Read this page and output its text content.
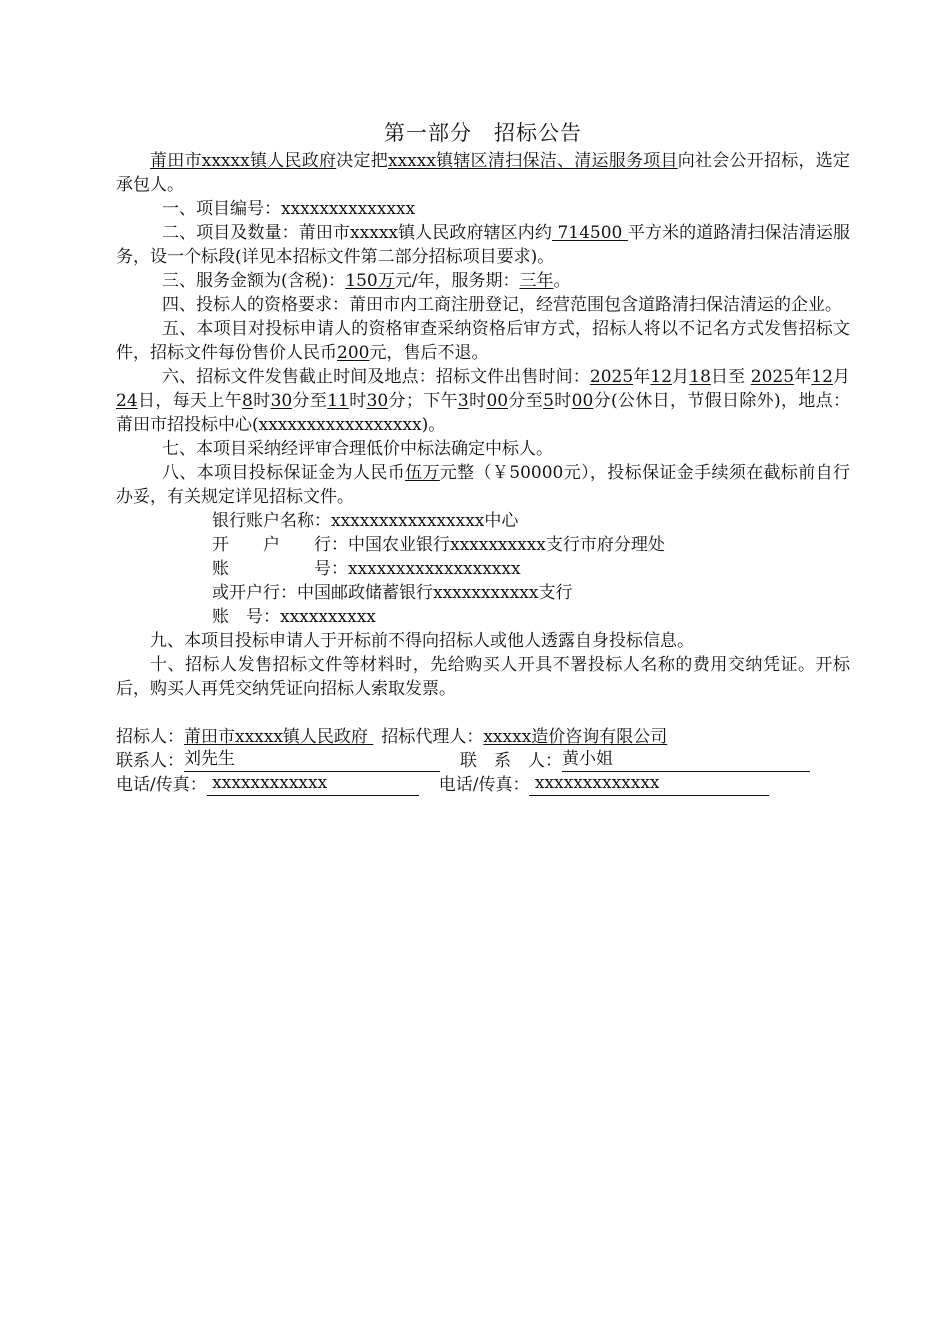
第一部分　招标公告

莆田市xxxxx镇人民政府决定把xxxxx镇辖区清扫保洁、清运服务项目向社会公开招标，选定承包人。

一、项目编号：xxxxxxxxxxxxxx

二、项目及数量：莆田市xxxxx镇人民政府辖区内约 714500 平方米的道路清扫保洁清运服务，设一个标段(详见本招标文件第二部分招标项目要求)。

三、服务金额为(含税)：150万元/年，服务期：三年。

四、投标人的资格要求：莆田市内工商注册登记，经营范围包含道路清扫保洁清运的企业。

五、本项目对投标申请人的资格审查采纳资格后审方式，招标人将以不记名方式发售招标文件，招标文件每份售价人民币200元，售后不退。

六、招标文件发售截止时间及地点：招标文件出售时间：2025年12月18日至 2025年12月24日，每天上午8时30分至11时30分；下午3时00分至5时00分(公休日，节假日除外)，地点：莆田市招投标中心(xxxxxxxxxxxxxxxxx)。

七、本项目采纳经评审合理低价中标法确定中标人。

八、本项目投标保证金为人民币伍万元整（￥50000元），投标保证金手续须在截标前自行办妥，有关规定详见招标文件。

银行账户名称：xxxxxxxxxxxxxxxx中心

开　　户　　行：中国农业银行xxxxxxxxxx支行市府分理处

账　　　　　号：xxxxxxxxxxxxxxxxxx

或开户行：中国邮政储蓄银行xxxxxxxxxxx支行

账　号：xxxxxxxxxx

九、本项目投标申请人于开标前不得向招标人或他人透露自身投标信息。

十、招标人发售招标文件等材料时，先给购买人开具不署投标人名称的费用交纳凭证。开标后，购买人再凭交纳凭证向招标人索取发票。

招标人： 莆田市xxxxx镇人民政府 招标代理人： xxxxx造价咨询有限公司
联系人： 刘先生	联　系　人： 黄小姐
电话/传真： xxxxxxxxxxxx	电话/传真： xxxxxxxxxxxxx
